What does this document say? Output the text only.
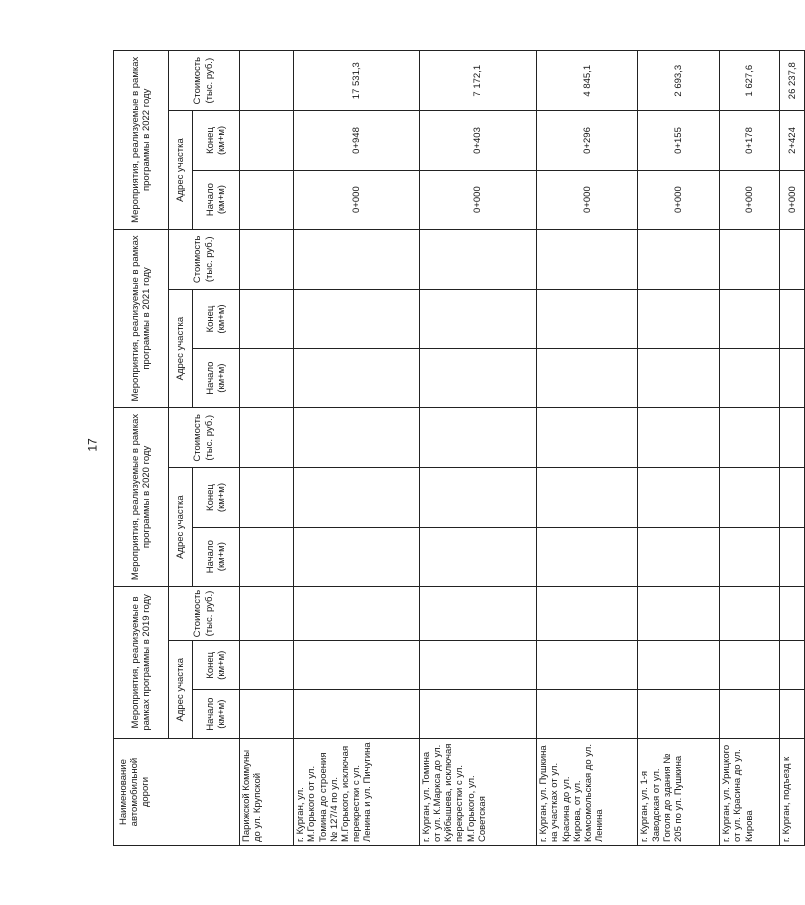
17
Наименование автомобильной дороги	Мероприятия, реализуемые в рамках программы в 2019 году			Мероприятия, реализуемые в рамках программы в 2020 году			Мероприятия, реализуемые в рамках программы в 2021 году			Мероприятия, реализуемые в рамках программы в 2022 году		
	Адрес участка		Стоимость (тыс. руб.)	Адрес участка		Стоимость (тыс. руб.)	Адрес участка		Стоимость (тыс. руб.)	Адрес участка		Стоимость (тыс. руб.)
	Начало (км+м)	Конец (км+м)		Начало (км+м)	Конец (км+м)		Начало (км+м)	Конец (км+м)		Начало (км+м)	Конец (км+м)	
Парижской Коммуны до ул. Крупской												
г. Курган, ул. М.Горького от ул. Томина до строения № 127/4 по ул. М.Горького, исключая перекрестки с ул. Ленина и ул. Пичугина										0+000	0+948	17 531,3
г. Курган, ул. Томина от ул. К.Маркса до ул. Куйбышева, исключая перекрестки с ул. М.Горького, ул. Советская										0+000	0+403	7 172,1
г. Курган, ул. Пушкина на участках от ул. Красина до ул. Кирова, от ул. Комсомольская до ул. Ленина										0+000	0+296	4 845,1
г. Курган, ул. 1-я Заводская от ул. Гоголя до здания № 205 по ул. Пушкина										0+000	0+155	2 693,3
г. Курган, ул. Урицкого от ул. Красина до ул. Кирова										0+000	0+178	1 627,6
г. Курган, подъезд к										0+000	2+424	26 237,8
